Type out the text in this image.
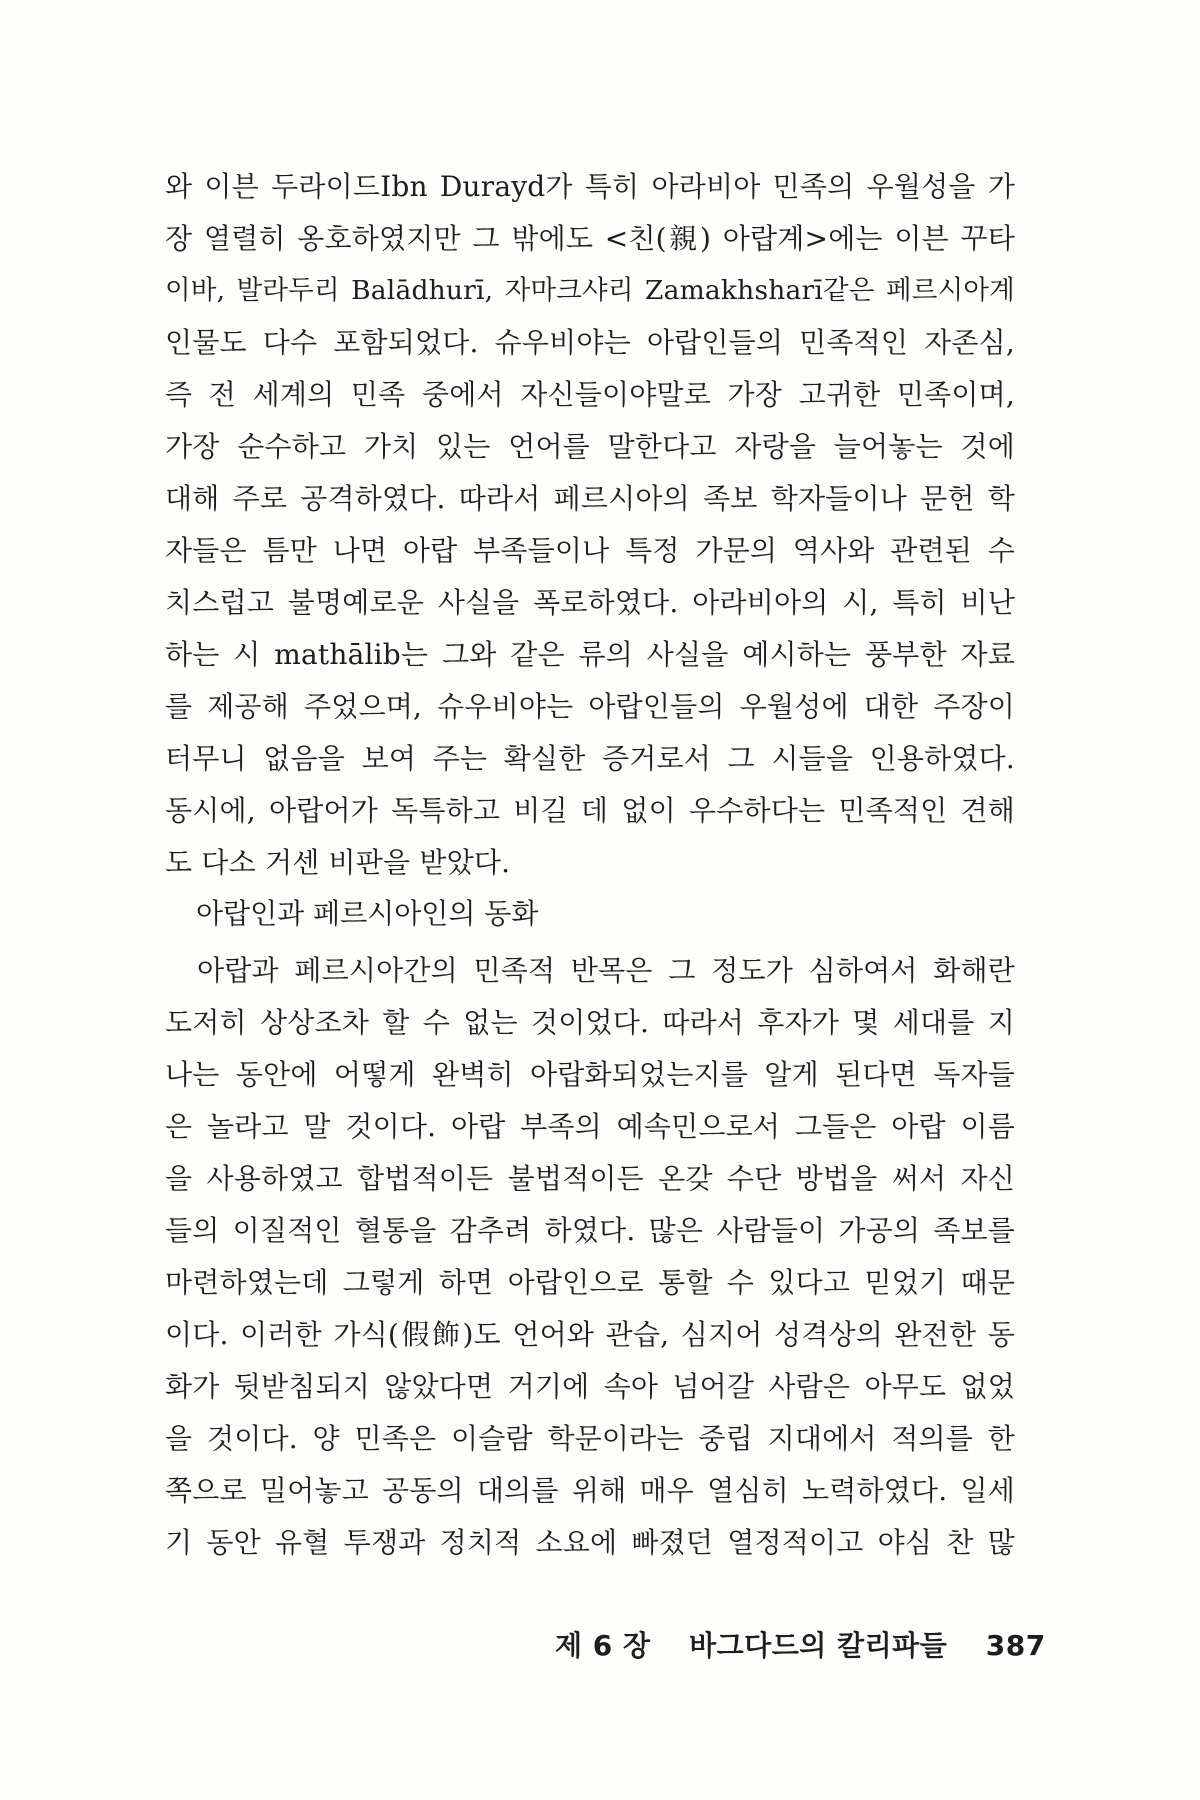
와 이븐 두라이드Ibn Durayd가 특히 아라비아 민족의 우월성을 가
장 열렬히 옹호하였지만 그 밖에도 <친(親) 아랍계>에는 이븐 꾸타
이바, 발라두리 Balādhurī, 자마크샤리 Zamakhsharī같은 페르시아계
인물도 다수 포함되었다. 슈우비야는 아랍인들의 민족적인 자존심,
즉 전 세계의 민족 중에서 자신들이야말로 가장 고귀한 민족이며,
가장 순수하고 가치 있는 언어를 말한다고 자랑을 늘어놓는 것에
대해 주로 공격하였다. 따라서 페르시아의 족보 학자들이나 문헌 학
자들은 틈만 나면 아랍 부족들이나 특정 가문의 역사와 관련된 수
치스럽고 불명예로운 사실을 폭로하였다. 아라비아의 시, 특히 비난
하는 시 mathālib는 그와 같은 류의 사실을 예시하는 풍부한 자료
를 제공해 주었으며, 슈우비야는 아랍인들의 우월성에 대한 주장이
터무니 없음을 보여 주는 확실한 증거로서 그 시들을 인용하였다.
동시에, 아랍어가 독특하고 비길 데 없이 우수하다는 민족적인 견해
도 다소 거센 비판을 받았다.
아랍인과 페르시아인의 동화
아랍과 페르시아간의 민족적 반목은 그 정도가 심하여서 화해란
도저히 상상조차 할 수 없는 것이었다. 따라서 후자가 몇 세대를 지
나는 동안에 어떻게 완벽히 아랍화되었는지를 알게 된다면 독자들
은 놀라고 말 것이다. 아랍 부족의 예속민으로서 그들은 아랍 이름
을 사용하였고 합법적이든 불법적이든 온갖 수단 방법을 써서 자신
들의 이질적인 혈통을 감추려 하였다. 많은 사람들이 가공의 족보를
마련하였는데 그렇게 하면 아랍인으로 통할 수 있다고 믿었기 때문
이다. 이러한 가식(假飾)도 언어와 관습, 심지어 성격상의 완전한 동
화가 뒷받침되지 않았다면 거기에 속아 넘어갈 사람은 아무도 없었
을 것이다. 양 민족은 이슬람 학문이라는 중립 지대에서 적의를 한
쪽으로 밀어놓고 공동의 대의를 위해 매우 열심히 노력하였다. 일세
기 동안 유혈 투쟁과 정치적 소요에 빠졌던 열정적이고 야심 찬 많
제 6 장 바그다드의 칼리파들 387
